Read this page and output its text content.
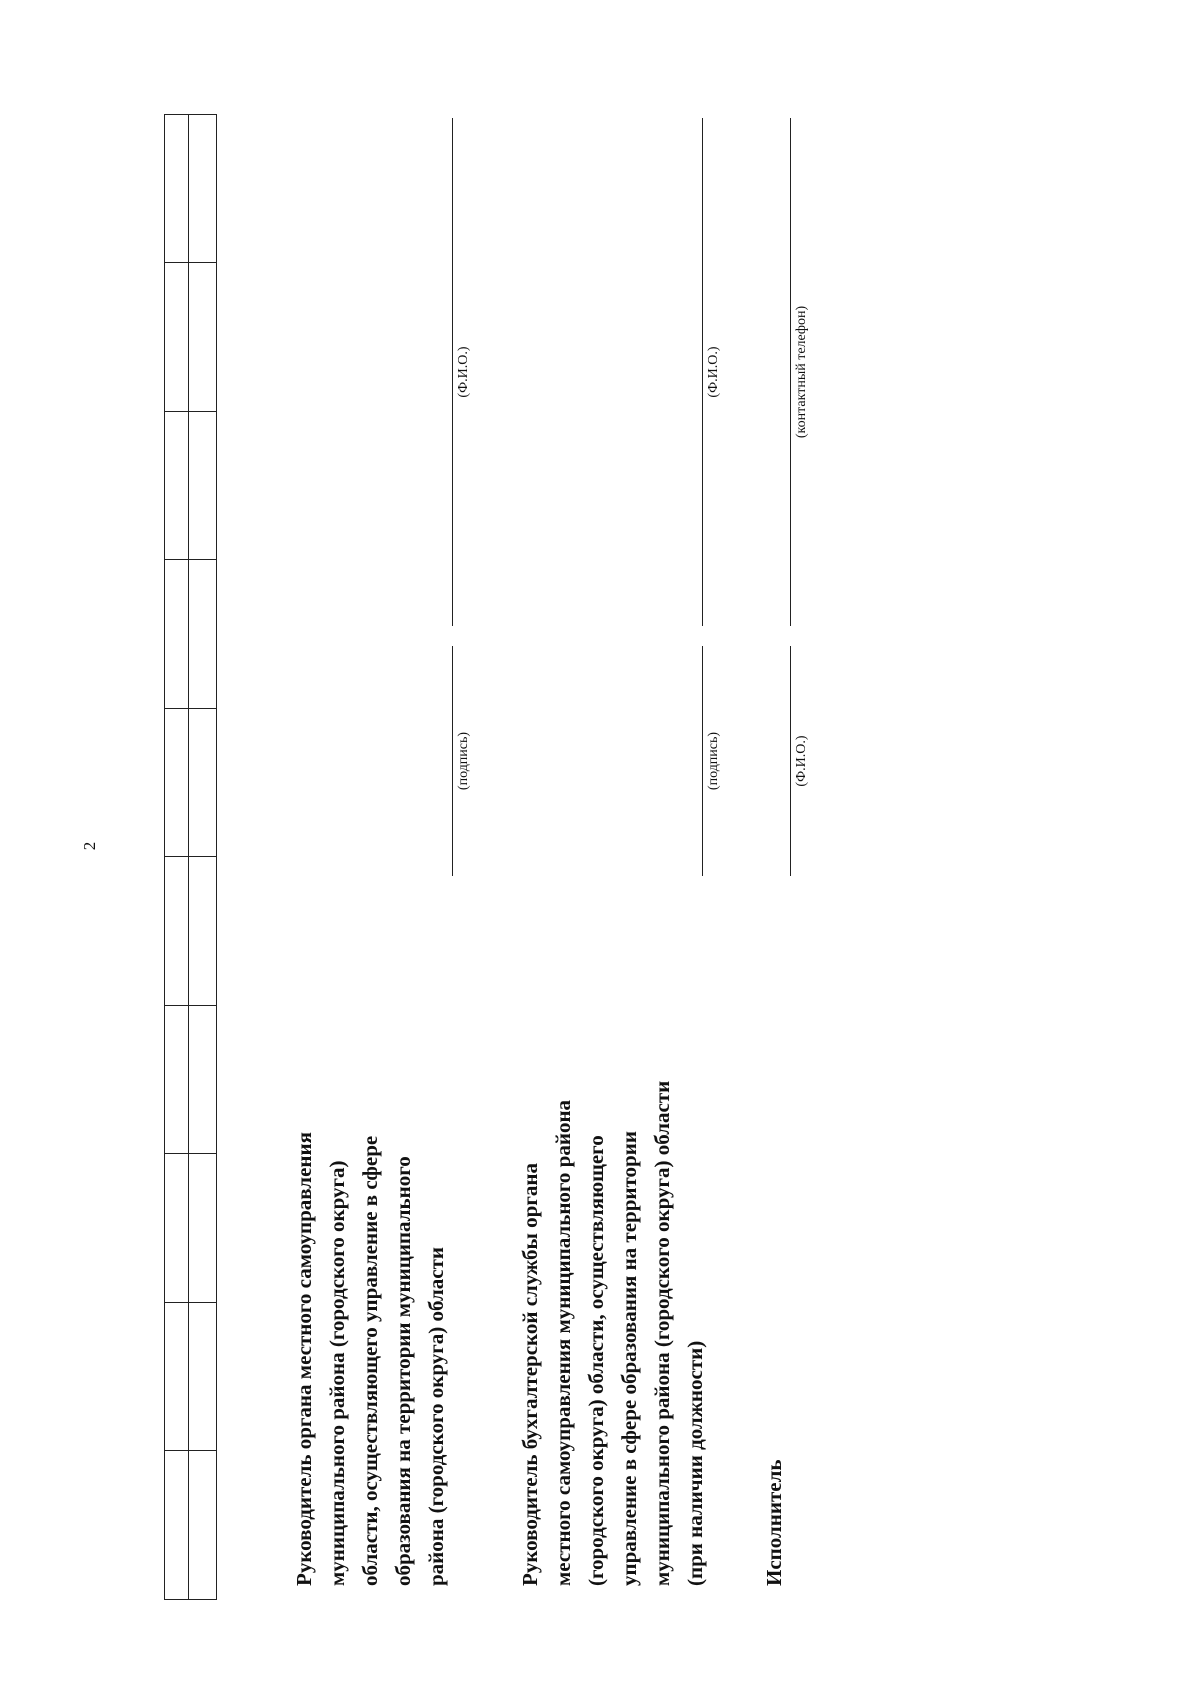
2

Руководитель органа местного самоуправления муниципального района (городского округа) области, осуществляющего управление в сфере образования на территории муниципального района (городского округа) области
(подпись)
(Ф.И.О.)
Руководитель бухгалтерской службы органа местного самоуправления муниципального района (городского округа) области, осуществляющего управление в сфере образования на территории муниципального района (городского округа) области (при наличии должности)
(подпись)
(Ф.И.О.)
Исполнитель
(Ф.И.О.)
(контактный телефон)
